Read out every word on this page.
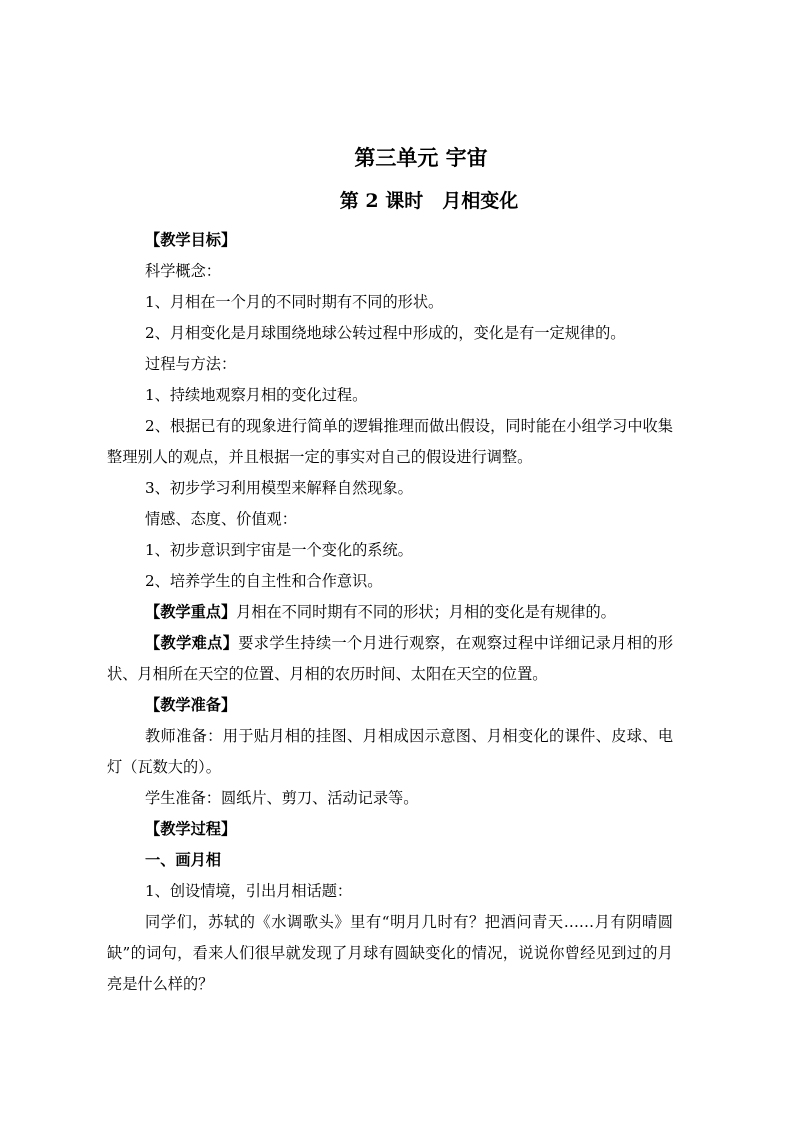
第三单元 宇宙
第 2 课时　月相变化

【教学目标】

科学概念：

1、月相在一个月的不同时期有不同的形状。

2、月相变化是月球围绕地球公转过程中形成的，变化是有一定规律的。

过程与方法：

1、持续地观察月相的变化过程。

2、根据已有的现象进行简单的逻辑推理而做出假设，同时能在小组学习中收集整理别人的观点，并且根据一定的事实对自己的假设进行调整。

3、初步学习利用模型来解释自然现象。

情感、态度、价值观：

1、初步意识到宇宙是一个变化的系统。

2、培养学生的自主性和合作意识。

【教学重点】月相在不同时期有不同的形状；月相的变化是有规律的。

【教学难点】要求学生持续一个月进行观察，在观察过程中详细记录月相的形状、月相所在天空的位置、月相的农历时间、太阳在天空的位置。

【教学准备】

教师准备：用于贴月相的挂图、月相成因示意图、月相变化的课件、皮球、电灯（瓦数大的）。

学生准备：圆纸片、剪刀、活动记录等。

【教学过程】

一、画月相

1、创设情境，引出月相话题：

同学们，苏轼的《水调歌头》里有“明月几时有？把酒问青天……月有阴晴圆缺”的词句，看来人们很早就发现了月球有圆缺变化的情况，说说你曾经见到过的月亮是什么样的？
